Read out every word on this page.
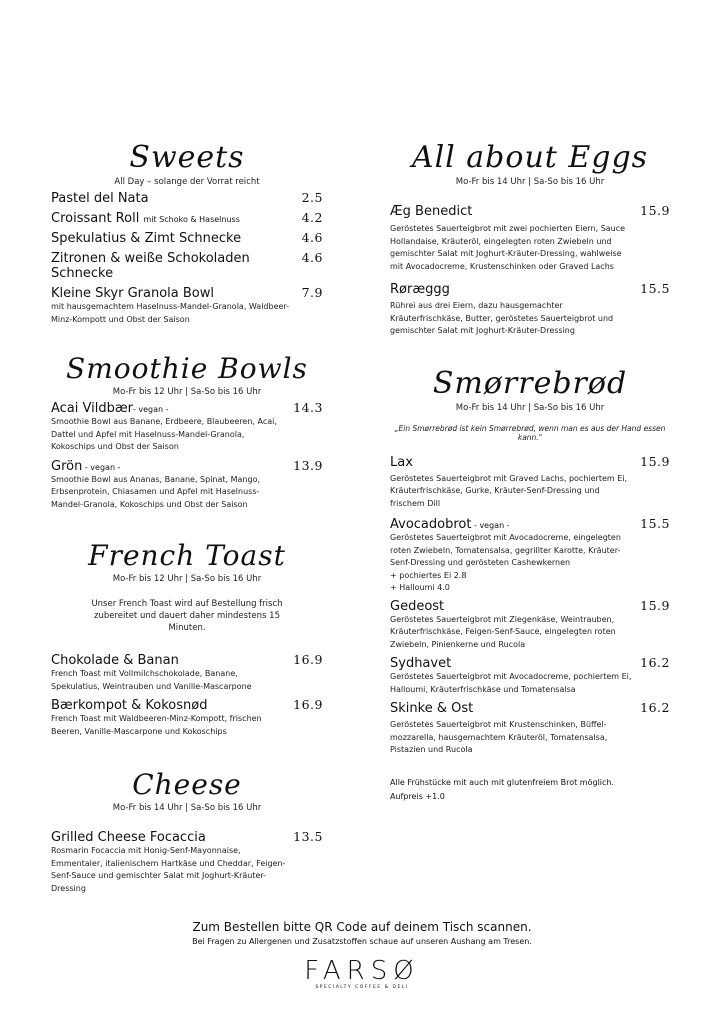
Sweets
All Day – solange der Vorrat reicht
Pastel del Nata	2.5
Croissant Roll mit Schoko & Haselnuss	4.2
Spekulatius & Zimt Schnecke	4.6
Zitronen & weiße Schokoladen Schnecke
4.6
Kleine Skyr Granola Bowl	7.9
mit hausgemachtem Haselnuss-Mandel-Granola, Waldbeer-Minz-Kompott und Obst der Saison
Smoothie Bowls
Mo-Fr bis 12 Uhr | Sa-So bis 16 Uhr
Acai Vildbær- vegan -	14.3
Smoothie Bowl aus Banane, Erdbeere, Blaubeeren, Acai, Dattel und Apfel mit Haselnuss-Mandel-Granola, Kokoschips und Obst der Saison
Grön - vegan -	13.9
Smoothie Bowl aus Ananas, Banane, Spinat, Mango, Erbsenprotein, Chiasamen und Apfel mit Haselnuss-Mandel-Granola, Kokoschips und Obst der Saison
French Toast
Mo-Fr bis 12 Uhr | Sa-So bis 16 Uhr
Unser French Toast wird auf Bestellung frisch zubereitet und dauert daher mindestens 15 Minuten.
Chokolade & Banan	16.9
French Toast mit Vollmilchschokolade, Banane, Spekulatius, Weintrauben und Vanille-Mascarpone
Bærkompot & Kokosnød	16.9
French Toast mit Waldbeeren-Minz-Kompott, frischen Beeren, Vanille-Mascarpone und Kokoschips
Cheese
Mo-Fr bis 14 Uhr | Sa-So bis 16 Uhr
Grilled Cheese Focaccia	13.5
Rosmarin Focaccia mit Honig-Senf-Mayonnaise, Emmentaler, italienischem Hartkäse und Cheddar, Feigen-Senf-Sauce und gemischter Salat mit Joghurt-Kräuter-Dressing
All about Eggs
Mo-Fr bis 14 Uhr | Sa-So bis 16 Uhr
Æg Benedict	15.9
Geröstetes Sauerteigbrot mit zwei pochierten Eiern, Sauce Hollandaise, Kräuteröl, eingelegten roten Zwiebeln und gemischter Salat mit Joghurt-Kräuter-Dressing, wahlweise mit Avocadocreme, Krustenschinken oder Graved Lachs
Røræggg	15.5
Rühreì aus drei Eiern, dazu hausgemachter Kräuterfrischkäse, Butter, geröstetes Sauerteigbrot und gemischter Salat mit Joghurt-Kräuter-Dressing
Smørrebrød
Mo-Fr bis 14 Uhr | Sa-So bis 16 Uhr
„Ein Smørrebrød ist kein Smørrebrød, wenn man es aus der Hand essen kann."
Lax	15.9
Geröstetes Sauerteigbrot mit Graved Lachs, pochiertem Ei, Kräuterfrischkäse, Gurke, Kräuter-Senf-Dressing und frischem Dill
Avocadobrot - vegan -	15.5
Geröstetes Sauerteigbrot mit Avocadocreme, eingelegten roten Zwiebeln, Tomatensalsa, gegrillter Karotte, Kräuter-Senf-Dressing und gerösteten Cashewkernen
+ pochiertes Ei 2.8
+ Halloumi 4.0
Gedeost	15.9
Geröstetes Sauerteigbrot mit Ziegenkäse, Weintrauben, Kräuterfrischkäse, Feigen-Senf-Sauce, eingelegten roten Zwiebeln, Pinienkerne und Rucola
Sydhavet	16.2
Geröstetes Sauerteigbrot mit Avocadocreme, pochiertem Ei, Halloumi, Kräuterfrischkäse und Tomatensalsa
Skinke & Ost	16.2
Geröstetes Sauerteigbrot mit Krustenschinken, Büffel-mozzarella, hausgemachtem Kräuteröl, Tomatensalsa, Pistazien und Rucola
Alle Frühstücke mit auch mit glutenfreiem Brot möglich.
Aufpreis +1.0
Zum Bestellen bitte QR Code auf deinem Tisch scannen.
Bei Fragen zu Allergenen und Zusatzstoffen schaue auf unseren Aushang am Tresen.
FARSØ
SPECIALTY COFFEE & DELI
